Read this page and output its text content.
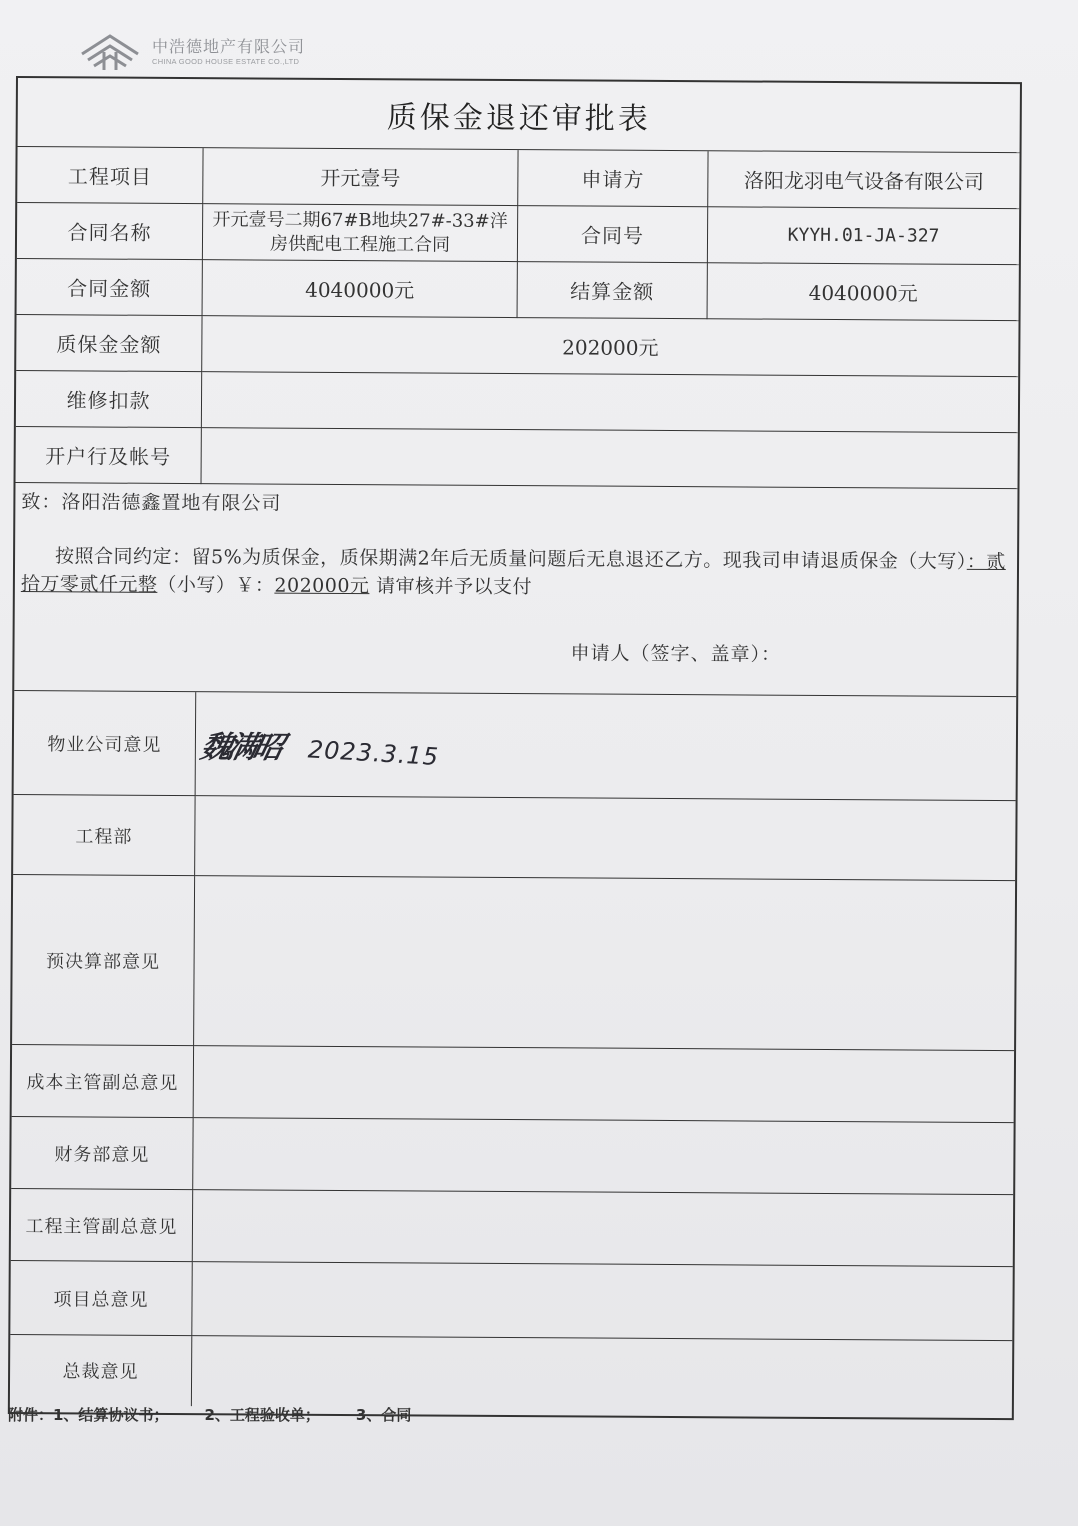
中浩德地产有限公司
CHINA GOOD HOUSE ESTATE CO.,LTD
质保金退还审批表
工程项目	开元壹号	申请方	洛阳龙羽电气设备有限公司
合同名称	开元壹号二期67#B地块27#-33#洋房供配电工程施工合同	合同号	KYYH.01-JA-327
合同金额	4040000元	结算金额	4040000元
质保金金额	202000元
维修扣款
开户行及帐号
致：洛阳浩德鑫置地有限公司
按照合同约定：留5%为质保金，质保期满2年后无质量问题后无息退还乙方。现我司申请退质保金（大写）：贰拾万零贰仟元整（小写）￥：202000元 请审核并予以支付
申请人（签字、盖章）：
物业公司意见	魏满昭 2023.3.15
工程部
预决算部意见
成本主管副总意见
财务部意见
工程主管副总意见
项目总意见
总裁意见
附件：1、结算协议书； 2、工程验收单； 3、合同
